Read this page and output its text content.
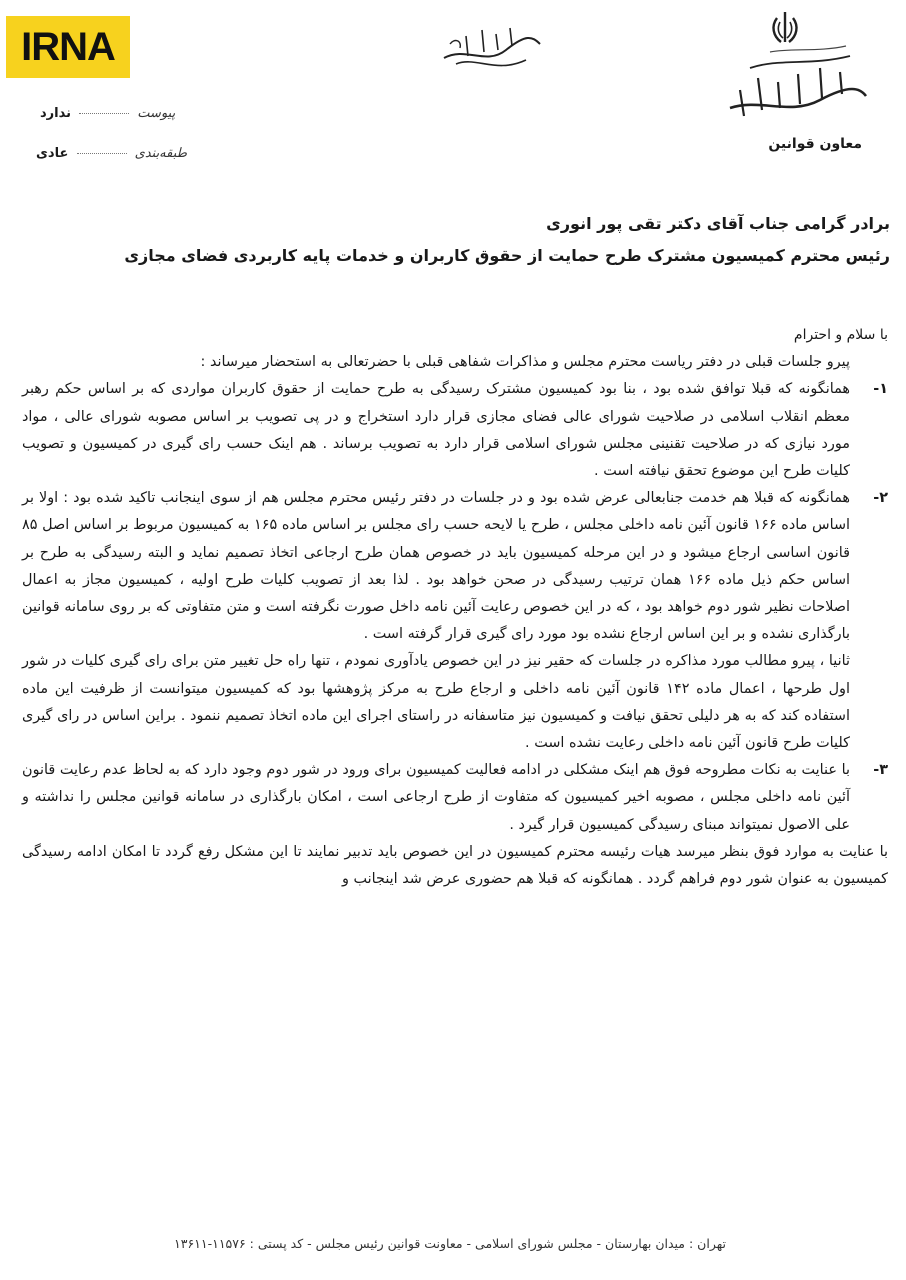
IRNA
پیوست  ندارد
طبقه‌بندی  عادی
معاون قوانین
برادر گرامی جناب آقای دکتر تقی پور انوری
رئیس محترم کمیسیون مشترک طرح حمایت از حقوق کاربران و خدمات پایه کاربردی فضای مجازی

با سلام و احترام

پیرو جلسات قبلی در دفتر ریاست محترم مجلس و مذاکرات شفاهی قبلی با حضرتعالی به استحضار میرساند :

۱-
همانگونه که قبلا توافق شده بود ، بنا بود کمیسیون مشترک رسیدگی به طرح حمایت از حقوق کاربران مواردی که بر اساس حکم رهبر معظم انقلاب اسلامی در صلاحیت شورای عالی فضای مجازی قرار دارد استخراج و در پی تصویب بر اساس مصوبه شورای عالی ، مواد مورد نیازی که در صلاحیت تقنینی مجلس شورای اسلامی قرار دارد به تصویب برساند . هم اینک حسب رای گیری در کمیسیون و تصویب کلیات طرح این موضوع تحقق نیافته است .
۲-
همانگونه که قبلا هم خدمت جنابعالی عرض شده بود و در جلسات در دفتر رئیس محترم مجلس هم از سوی اینجانب تاکید شده بود : اولا بر اساس ماده ۱۶۶ قانون آئین نامه داخلی مجلس ، طرح یا لایحه حسب رای مجلس بر اساس ماده ۱۶۵ به کمیسیون مربوط بر اساس اصل ۸۵ قانون اساسی ارجاع میشود و در این مرحله کمیسیون باید در خصوص همان طرح ارجاعی اتخاذ تصمیم نماید و البته رسیدگی به طرح بر اساس حکم ذیل ماده ۱۶۶ همان ترتیب رسیدگی در صحن خواهد بود . لذا بعد از تصویب کلیات طرح اولیه ، کمیسیون مجاز به اعمال اصلاحات نظیر شور دوم خواهد بود ، که در این خصوص رعایت آئین نامه داخل صورت نگرفته است و متن متفاوتی که بر روی سامانه قوانین بارگذاری نشده و بر این اساس ارجاع نشده بود مورد رای گیری قرار گرفته است .

ثانیا ، پیرو مطالب مورد مذاکره در جلسات که حقیر نیز در این خصوص یادآوری نمودم ، تنها راه حل تغییر متن برای رای گیری کلیات در شور اول طرحها ، اعمال ماده ۱۴۲ قانون آئین نامه داخلی و ارجاع طرح به مرکز پژوهشها بود که کمیسیون میتوانست از ظرفیت این ماده استفاده کند که به هر دلیلی تحقق نیافت و کمیسیون نیز متاسفانه در راستای اجرای این ماده اتخاذ تصمیم ننمود . براین اساس در رای گیری کلیات طرح قانون آئین نامه داخلی رعایت نشده است .

۳-
با عنایت به نکات مطروحه فوق هم اینک مشکلی در ادامه فعالیت کمیسیون برای ورود در شور دوم وجود دارد که به لحاظ عدم رعایت قانون آئین نامه داخلی مجلس ، مصوبه اخیر کمیسیون که متفاوت از طرح ارجاعی است ، امکان بارگذاری در سامانه قوانین مجلس را نداشته و علی الاصول نمیتواند مبنای رسیدگی کمیسیون قرار گیرد .

با عنایت به موارد فوق بنظر میرسد هیات رئیسه محترم کمیسیون در این خصوص باید تدبیر نمایند تا این مشکل رفع گردد تا امکان ادامه رسیدگی کمیسیون به عنوان شور دوم فراهم گردد . همانگونه که قبلا هم حضوری عرض شد اینجانب و

تهران : میدان بهارستان - مجلس شورای اسلامی - معاونت قوانین رئیس مجلس - کد پستی : ۱۱۵۷۶-۱۳۶۱۱
